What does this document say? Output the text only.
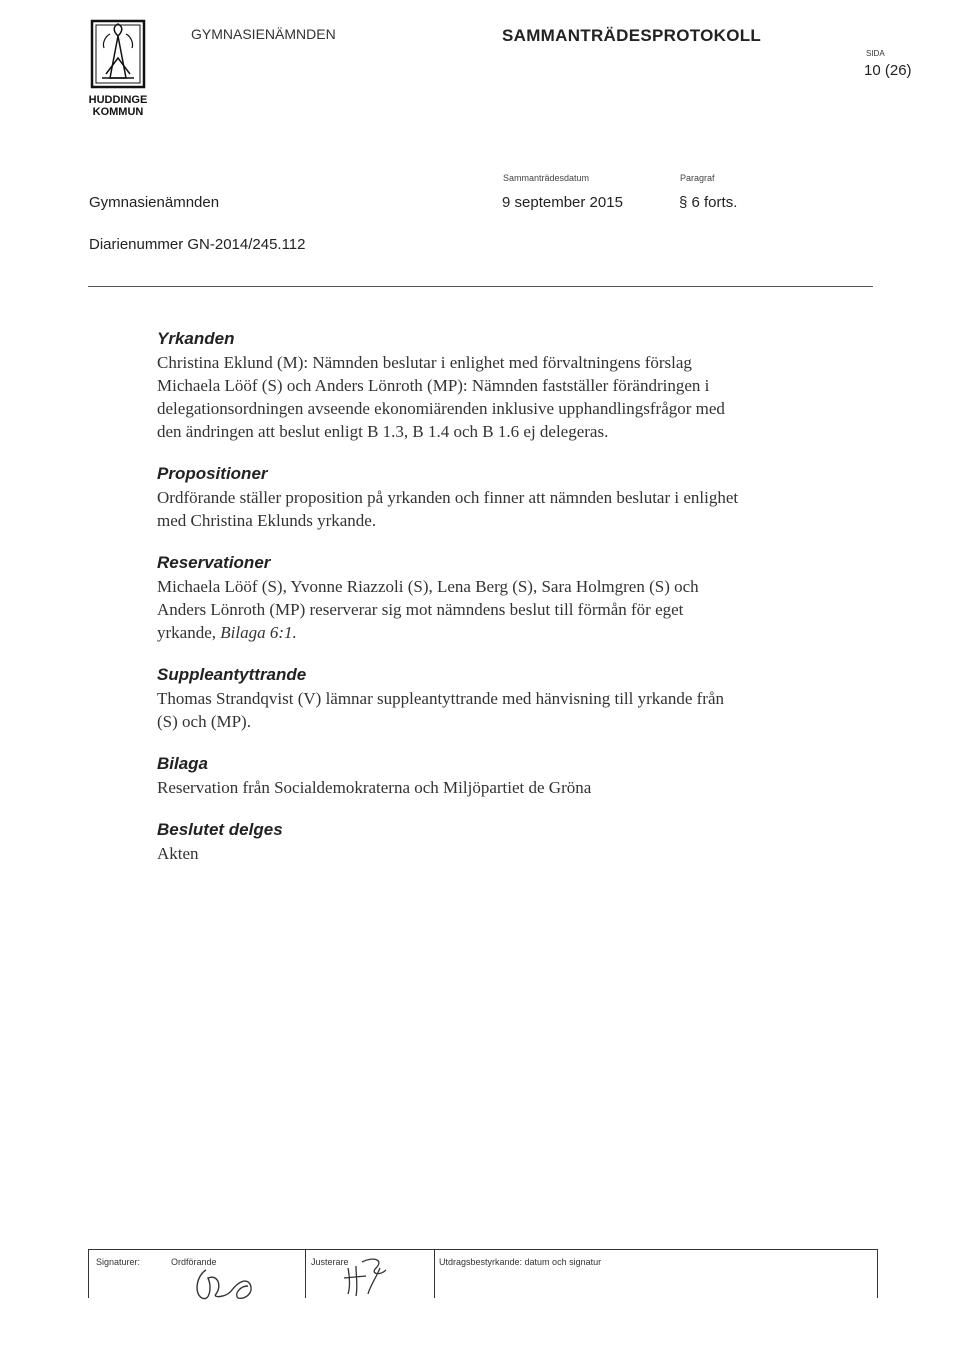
HUDDINGE
KOMMUN
GYMNASIENÄMNDEN	SAMMANTRÄDESPROTOKOLL
SIDA
10 (26)
Gymnasienämnden
Sammanträdesdatum
9 september 2015
Paragraf
§ 6 forts.
Diarienummer GN-2014/245.112
Yrkanden

Christina Eklund (M): Nämnden beslutar i enlighet med förvaltningens förslag

Michaela Lööf (S) och Anders Lönroth (MP): Nämnden fastställer förändringen i

delegationsordningen avseende ekonomiärenden inklusive upphandlingsfrågor med

den ändringen att beslut enligt B 1.3, B 1.4 och B 1.6 ej delegeras.

Propositioner

Ordförande ställer proposition på yrkanden och finner att nämnden beslutar i enlighet

med Christina Eklunds yrkande.

Reservationer

Michaela Lööf (S), Yvonne Riazzoli (S), Lena Berg (S), Sara Holmgren (S) och

Anders Lönroth (MP) reserverar sig mot nämndens beslut till förmån för eget

yrkande, Bilaga 6:1.

Suppleantyttrande

Thomas Strandqvist (V) lämnar suppleantyttrande med hänvisning till yrkande från

(S) och (MP).

Bilaga

Reservation från Socialdemokraterna och Miljöpartiet de Gröna

Beslutet delges

Akten

Signaturer:	Ordförande	Justerare	Utdragsbestyrkande: datum och signatur
